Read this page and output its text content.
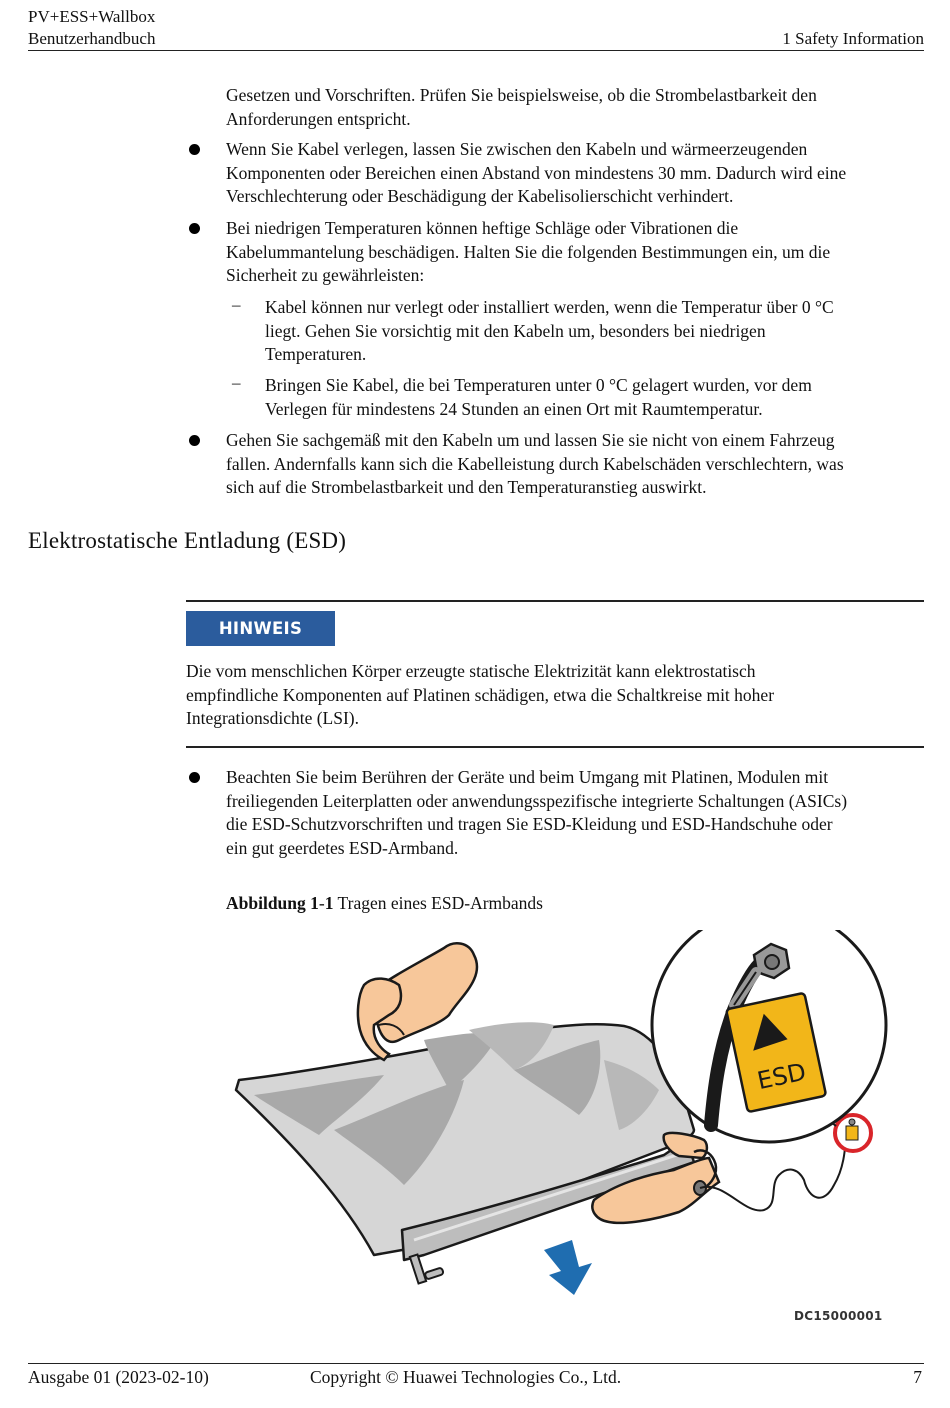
PV+ESS+Wallbox
Benutzerhandbuch	1 Safety Information
Gesetzen und Vorschriften. Prüfen Sie beispielsweise, ob die Strombelastbarkeit den
Anforderungen entspricht.
Wenn Sie Kabel verlegen, lassen Sie zwischen den Kabeln und wärmeerzeugenden
Komponenten oder Bereichen einen Abstand von mindestens 30 mm. Dadurch wird eine
Verschlechterung oder Beschädigung der Kabelisolierschicht verhindert.
Bei niedrigen Temperaturen können heftige Schläge oder Vibrationen die
Kabelummantelung beschädigen. Halten Sie die folgenden Bestimmungen ein, um die
Sicherheit zu gewährleisten:
– Kabel können nur verlegt oder installiert werden, wenn die Temperatur über 0 °C
liegt. Gehen Sie vorsichtig mit den Kabeln um, besonders bei niedrigen
Temperaturen.
– Bringen Sie Kabel, die bei Temperaturen unter 0 °C gelagert wurden, vor dem
Verlegen für mindestens 24 Stunden an einen Ort mit Raumtemperatur.
Gehen Sie sachgemäß mit den Kabeln um und lassen Sie sie nicht von einem Fahrzeug
fallen. Andernfalls kann sich die Kabelleistung durch Kabelschäden verschlechtern, was
sich auf die Strombelastbarkeit und den Temperaturanstieg auswirkt.
Elektrostatische Entladung (ESD)
HINWEIS
Die vom menschlichen Körper erzeugte statische Elektrizität kann elektrostatisch
empfindliche Komponenten auf Platinen schädigen, etwa die Schaltkreise mit hoher
Integrationsdichte (LSI).
Beachten Sie beim Berühren der Geräte und beim Umgang mit Platinen, Modulen mit
freiliegenden Leiterplatten oder anwendungsspezifische integrierte Schaltungen (ASICs)
die ESD-Schutzvorschriften und tragen Sie ESD-Kleidung und ESD-Handschuhe oder
ein gut geerdetes ESD-Armband.
Abbildung 1-1 Tragen eines ESD-Armbands
ESD
DC15000001
Ausgabe 01 (2023-02-10)	Copyright © Huawei Technologies Co., Ltd.	7
